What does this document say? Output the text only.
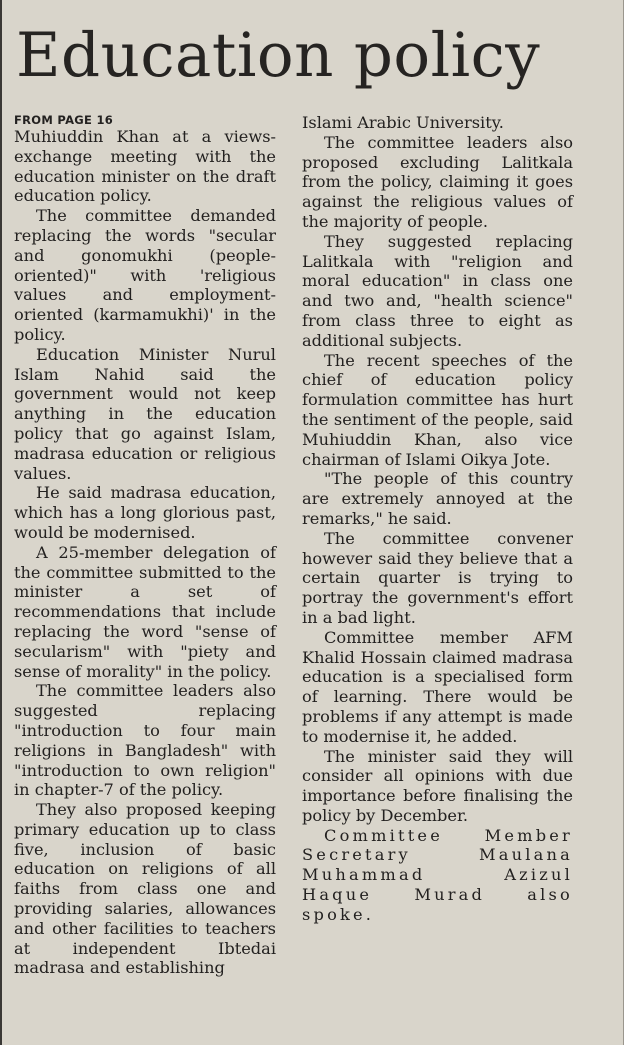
Education policy
FROM PAGE 16

Muhiuddin Khan at a views-exchange meeting with the education minister on the draft education policy.

The committee demanded replacing the words "secular and gonomukhi (people-oriented)" with 'religious values and employment-oriented (karmamukhi)' in the policy.

Education Minister Nurul Islam Nahid said the government would not keep anything in the education policy that go against Islam, madrasa education or religious values.

He said madrasa education, which has a long glorious past, would be modernised.

A 25-member delegation of the committee submitted to the minister a set of recommendations that include replacing the word "sense of secularism" with "piety and sense of morality" in the policy.

The committee leaders also suggested replacing "introduction to four main religions in Bangladesh" with "introduction to own religion" in chapter-7 of the policy.

They also proposed keeping primary education up to class five, inclusion of basic education on religions of all faiths from class one and providing salaries, allowances and other facilities to teachers at independent Ibtedai madrasa and establishing

Islami Arabic University.

The committee leaders also proposed excluding Lalitkala from the policy, claiming it goes against the religious values of the majority of people.

They suggested replacing Lalitkala with "religion and moral education" in class one and two and, "health science" from class three to eight as additional subjects.

The recent speeches of the chief of education policy formulation committee has hurt the sentiment of the people, said Muhiuddin Khan, also vice chairman of Islami Oikya Jote.

"The people of this country are extremely annoyed at the remarks," he said.

The committee convener however said they believe that a certain quarter is trying to portray the government's effort in a bad light.

Committee member AFM Khalid Hossain claimed madrasa education is a specialised form of learning. There would be problems if any attempt is made to modernise it, he added.

The minister said they will consider all opinions with due importance before finalising the policy by December.

Committee Member Secretary Maulana Muhammad Azizul Haque Murad also spoke.
